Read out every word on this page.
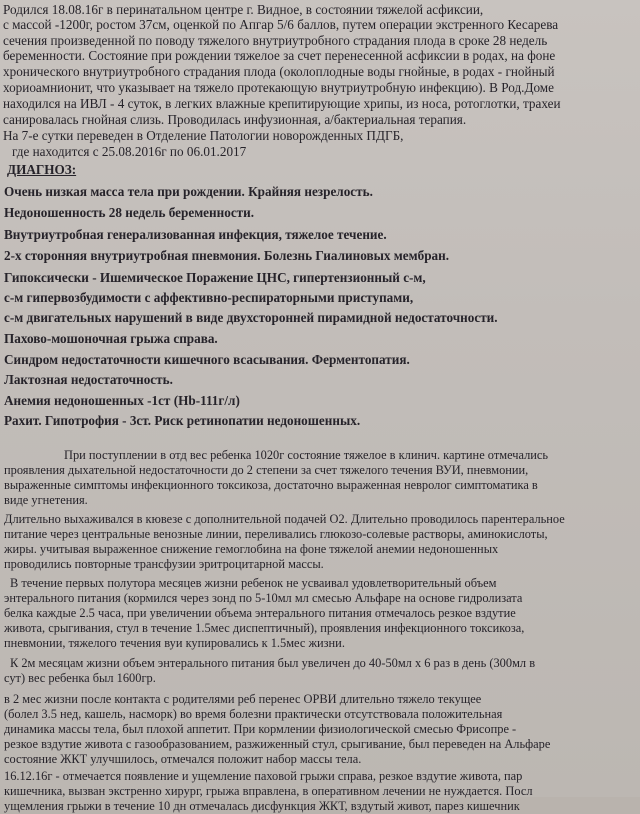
Родился 18.08.16г в перинатальном центре г. Видное, в состоянии тяжелой асфиксии,
с массой -1200г, ростом 37см, оценкой по Апгар 5/6 баллов, путем операции экстренного Кесарева
сечения произведенной по поводу тяжелого внутриутробного страдания плода в сроке 28 недель
беременности. Состояние при рождении тяжелое за счет перенесенной асфиксии в родах, на фоне
хронического внутриутробного страдания плода (околоплодные воды гнойные, в родах - гнойный
хориоамнионит, что указывает на тяжело протекающую внутриутробную инфекцию). В Род.Доме
находился на ИВЛ - 4 суток, в легких влажные крепитирующие хрипы, из носа, ротоглотки, трахеи
санировалась гнойная слизь. Проводилась инфузионная, а/бактериальная терапия.
На 7-е сутки переведен в Отделение Патологии новорожденных ПДГБ,
где находится с 25.08.2016г по 06.01.2017
ДИАГНОЗ:
Очень низкая масса тела при рождении. Крайняя незрелость.
Недоношенность 28 недель беременности.
Внутриутробная генерализованная инфекция, тяжелое течение.
2-х сторонняя внутриутробная пневмония. Болезнь Гиалиновых мембран.
Гипоксически - Ишемическое Поражение ЦНС, гипертензионный с-м,
с-м гипервозбудимости с аффективно-респираторными приступами,
с-м двигательных нарушений в виде двухсторонней пирамидной недостаточности.
Пахово-мошоночная грыжа справа.
Синдром недостаточности кишечного всасывания. Ферментопатия.
Лактозная недостаточность.
Анемия недоношенных -1ст (Hb-111г/л)
Рахит. Гипотрофия - 3ст. Риск ретинопатии недоношенных.
При поступлении в отд вес ребенка 1020г состояние тяжелое в клинич. картине отмечались
проявления дыхательной недостаточности до 2 степени за счет тяжелого течения ВУИ, пневмонии,
выраженные симптомы инфекционного токсикоза, достаточно выраженная невролог симптоматика в
виде угнетения.
Длительно выхаживался в кювезе с дополнительной подачей О2. Длительно проводилось парентеральное
питание через центральные венозные линии, переливались глюкозо-солевые растворы, аминокислоты,
жиры. учитывая выраженное снижение гемоглобина на фоне тяжелой анемии недоношенных
проводились повторные трансфузии эритроцитарной массы.
В течение первых полутора месяцев жизни ребенок не усваивал удовлетворительный объем
энтерального питания (кормился через зонд по 5-10мл мл смесью Альфаре на основе гидролизата
белка каждые 2.5 часа, при увеличении объема энтерального питания отмечалось резкое вздутие
живота, срыгивания, стул в течение 1.5мес диспептичный), проявления инфекционного токсикоза,
пневмонии, тяжелого течения вуи купировались к 1.5мес жизни.
К 2м месяцам жизни объем энтерального питания был увеличен до 40-50мл х 6 раз в день (300мл в
сут) вес ребенка был 1600гр.
в 2 мес жизни после контакта с родителями реб перенес ОРВИ длительно тяжело текущее
(болел 3.5 нед, кашель, насморк) во время болезни практически отсутствовала положительная
динамика массы тела, был плохой аппетит. При кормлении физиологической смесью Фрисопре -
резкое вздутие живота с газообразованием, разжиженный стул, срыгивание, был переведен на Альфаре
состояние ЖКТ улучшилось, отмечался положит набор массы тела.
16.12.16г - отмечается появление и ущемление паховой грыжи справа, резкое вздутие живота, пар
кишечника, вызван экстренно хирург, грыжа вправлена, в оперативном лечении не нуждается. Посл
ущемления грыжи в течение 10 дн отмечалась дисфункция ЖКТ, вздутый живот, парез кишечник
